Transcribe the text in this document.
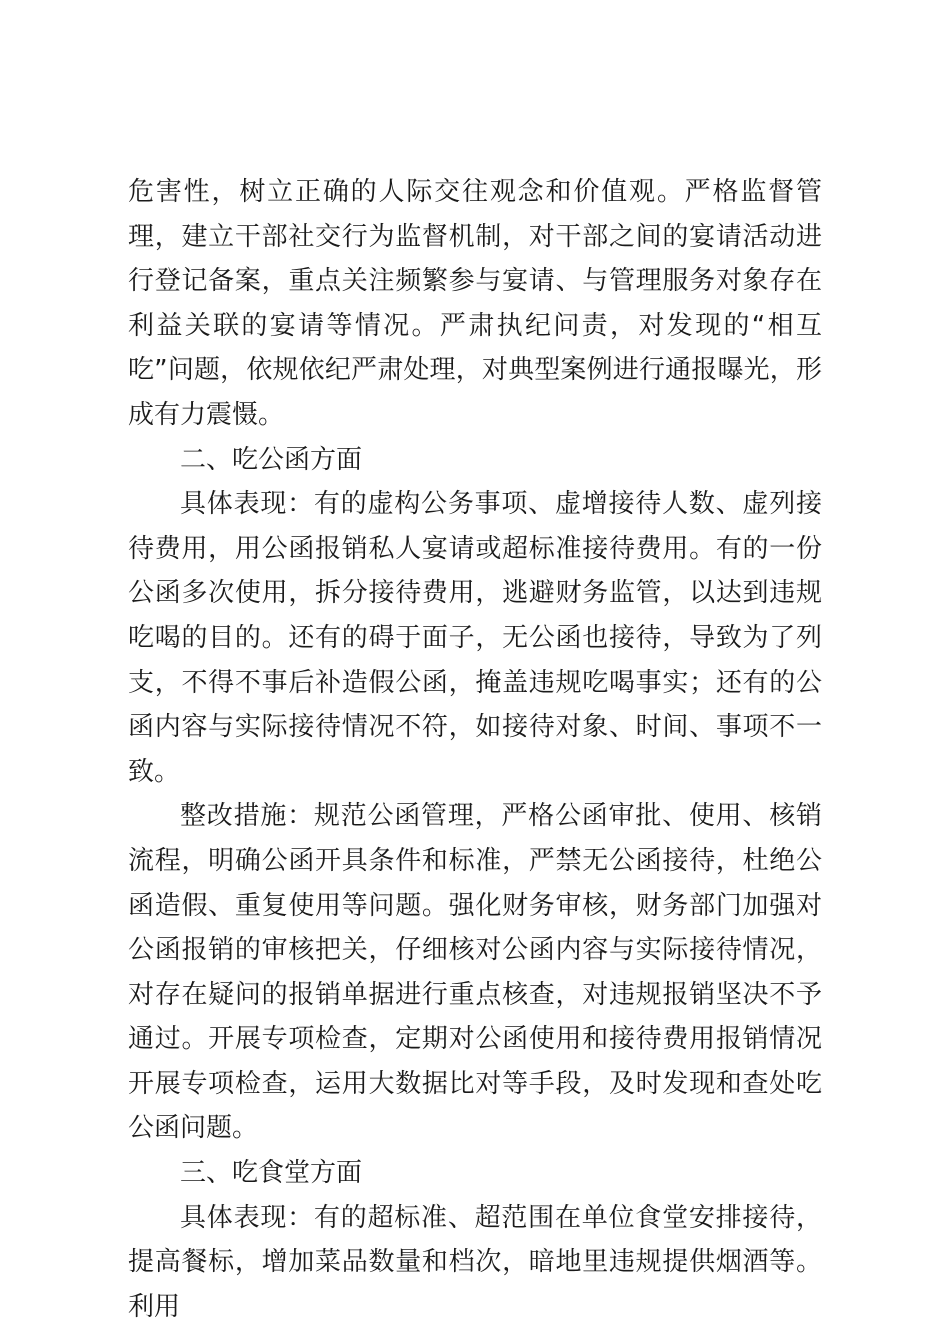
危害性，树立正确的人际交往观念和价值观。严格监督管理，建立干部社交行为监督机制，对干部之间的宴请活动进行登记备案，重点关注频繁参与宴请、与管理服务对象存在利益关联的宴请等情况。严肃执纪问责，对发现的“相互吃”问题，依规依纪严肃处理，对典型案例进行通报曝光，形成有力震慑。

二、吃公函方面

具体表现：有的虚构公务事项、虚增接待人数、虚列接待费用，用公函报销私人宴请或超标准接待费用。有的一份公函多次使用，拆分接待费用，逃避财务监管，以达到违规吃喝的目的。还有的碍于面子，无公函也接待，导致为了列支，不得不事后补造假公函，掩盖违规吃喝事实；还有的公函内容与实际接待情况不符，如接待对象、时间、事项不一致。

整改措施：规范公函管理，严格公函审批、使用、核销流程，明确公函开具条件和标准，严禁无公函接待，杜绝公函造假、重复使用等问题。强化财务审核，财务部门加强对公函报销的审核把关，仔细核对公函内容与实际接待情况，对存在疑问的报销单据进行重点核查，对违规报销坚决不予通过。开展专项检查，定期对公函使用和接待费用报销情况开展专项检查，运用大数据比对等手段，及时发现和查处吃公函问题。

三、吃食堂方面

具体表现：有的超标准、超范围在单位食堂安排接待，提高餐标，增加菜品数量和档次，暗地里违规提供烟酒等。利用
